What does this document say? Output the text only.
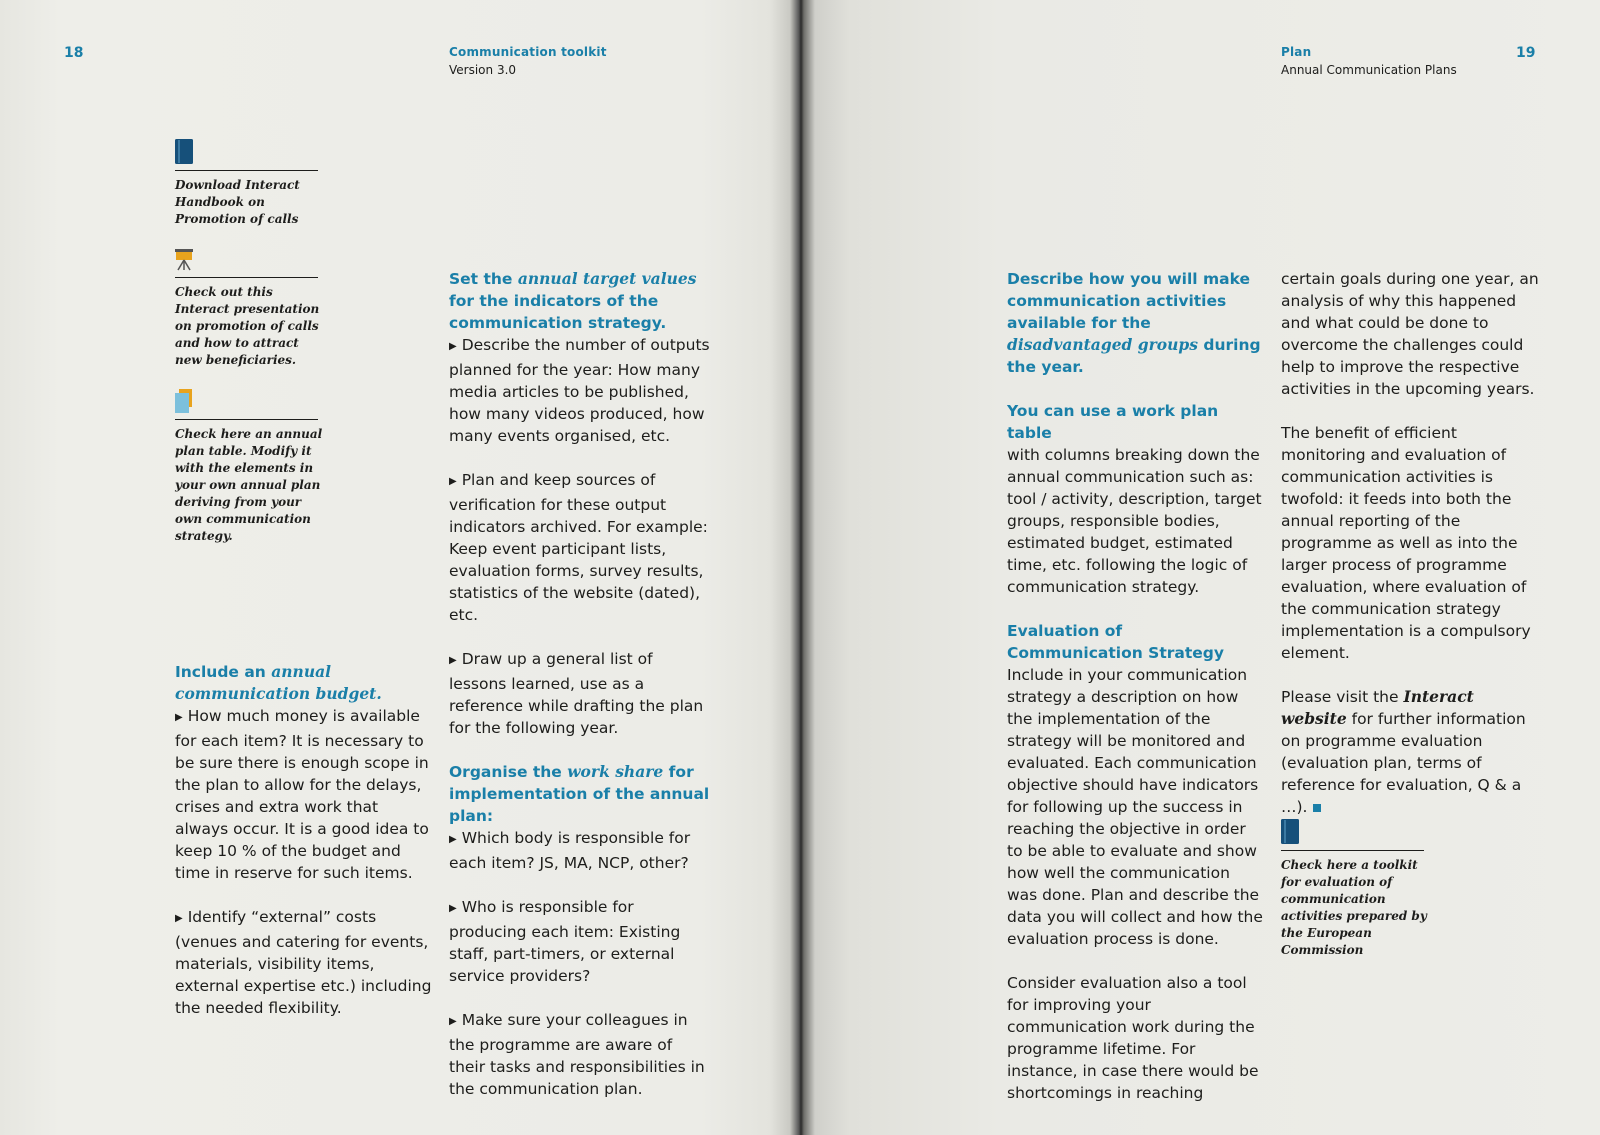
18	Communication toolkit
Version 3.0
Download Interact Handbook on Promotion of calls
Check out this Interact presentation on promotion of calls and how to attract new beneficiaries.
Check here an annual plan table. Modify it with the elements in your own annual plan deriving from your own communication strategy.

Include an annual communication budget.

▶ How much money is available for each item? It is necessary to be sure there is enough scope in the plan to allow for the delays, crises and extra work that always occur. It is a good idea to keep 10 % of the budget and time in reserve for such items.

▶ Identify “external” costs (venues and catering for events, materials, visibility items, external expertise etc.) including the needed flexibility.

Set the annual target values for the indicators of the communication strategy.

▶ Describe the number of outputs planned for the year: How many media articles to be published, how many videos produced, how many events organised, etc.

▶ Plan and keep sources of verification for these output indicators archived. For example: Keep event participant lists, evaluation forms, survey results, statistics of the website (dated), etc.

▶ Draw up a general list of lessons learned, use as a reference while drafting the plan for the following year.

Organise the work share for implementation of the annual plan:

▶ Which body is responsible for each item? JS, MA, NCP, other?

▶ Who is responsible for producing each item: Existing staff, part-timers, or external service providers?

▶ Make sure your colleagues in the programme are aware of their tasks and responsibilities in the communication plan.

Plan
Annual Communication Plans
19

Describe how you will make communication activities available for the disadvantaged groups during the year.

You can use a work plan table

with columns breaking down the annual communication such as: tool / activity, description, target groups, responsible bodies, estimated budget, estimated time, etc. following the logic of communication strategy.

Evaluation of

Communication Strategy

Include in your communication strategy a description on how the implementation of the strategy will be monitored and evaluated. Each communication objective should have indicators for following up the success in reaching the objective in order to be able to evaluate and show how well the communication was done. Plan and describe the data you will collect and how the evaluation process is done.

Consider evaluation also a tool for improving your communication work during the programme lifetime. For instance, in case there would be shortcomings in reaching

certain goals during one year, an analysis of why this happened and what could be done to overcome the challenges could help to improve the respective activities in the upcoming years.

The benefit of efficient monitoring and evaluation of communication activities is twofold: it feeds into both the annual reporting of the programme as well as into the larger process of programme evaluation, where evaluation of the communication strategy implementation is a compulsory element.

Please visit the Interact website for further information on programme evaluation (evaluation plan, terms of reference for evaluation, Q & a …).

Check here a toolkit for evaluation of communication activities prepared by the European Commission
